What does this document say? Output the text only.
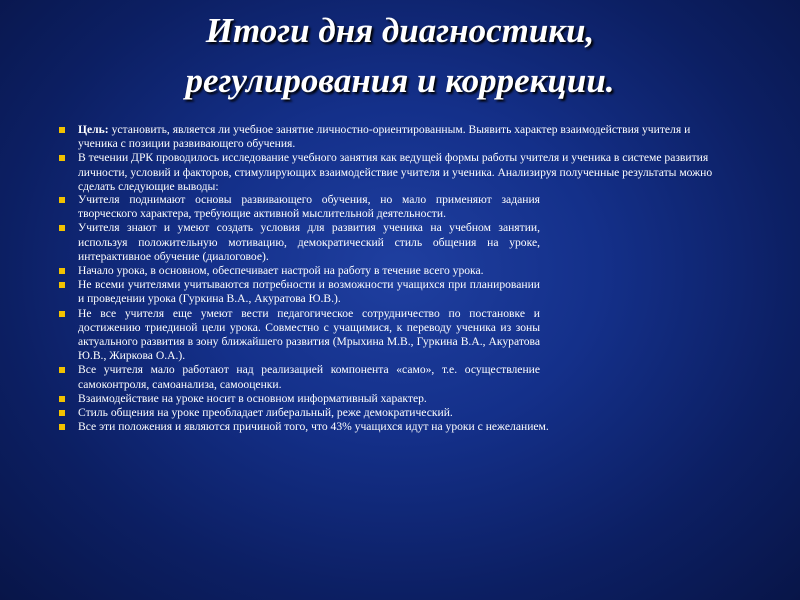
Итоги дня диагностики,
регулирования и коррекции.
Цель: установить, является ли учебное занятие личностно-ориентированным. Выявить характер взаимодействия учителя и ученика с позиции развивающего обучения.
В течении ДРК проводилось исследование учебного занятия как ведущей формы работы учителя и ученика в системе развития личности, условий и факторов, стимулирующих взаимодействие учителя и ученика. Анализируя полученные результаты можно сделать следующие выводы:
Учителя поднимают основы развивающего обучения, но мало применяют задания творческого характера, требующие активной мыслительной деятельности.
Учителя знают и умеют создать условия для развития ученика на учебном занятии, используя положительную мотивацию, демократический стиль общения на уроке, интерактивное обучение (диалоговое).
Начало урока, в основном, обеспечивает настрой на работу в течение всего урока.
Не всеми учителями учитываются потребности и возможности учащихся при планировании и проведении урока (Гуркина В.А., Акуратова Ю.В.).
Не все учителя еще умеют вести педагогическое сотрудничество по постановке и достижению триединой цели урока. Совместно с учащимися, к переводу ученика из зоны актуального развития в зону ближайшего развития (Мрыхина М.В., Гуркина В.А., Акуратова Ю.В., Жиркова О.А.).
Все учителя мало работают над реализацией компонента «само», т.е. осуществление самоконтроля, самоанализа, самооценки.
Взаимодействие на уроке носит в основном информативный характер.
Стиль общения на уроке преобладает либеральный, реже демократический.
Все эти положения и являются причиной того, что 43% учащихся идут на уроки с нежеланием.
